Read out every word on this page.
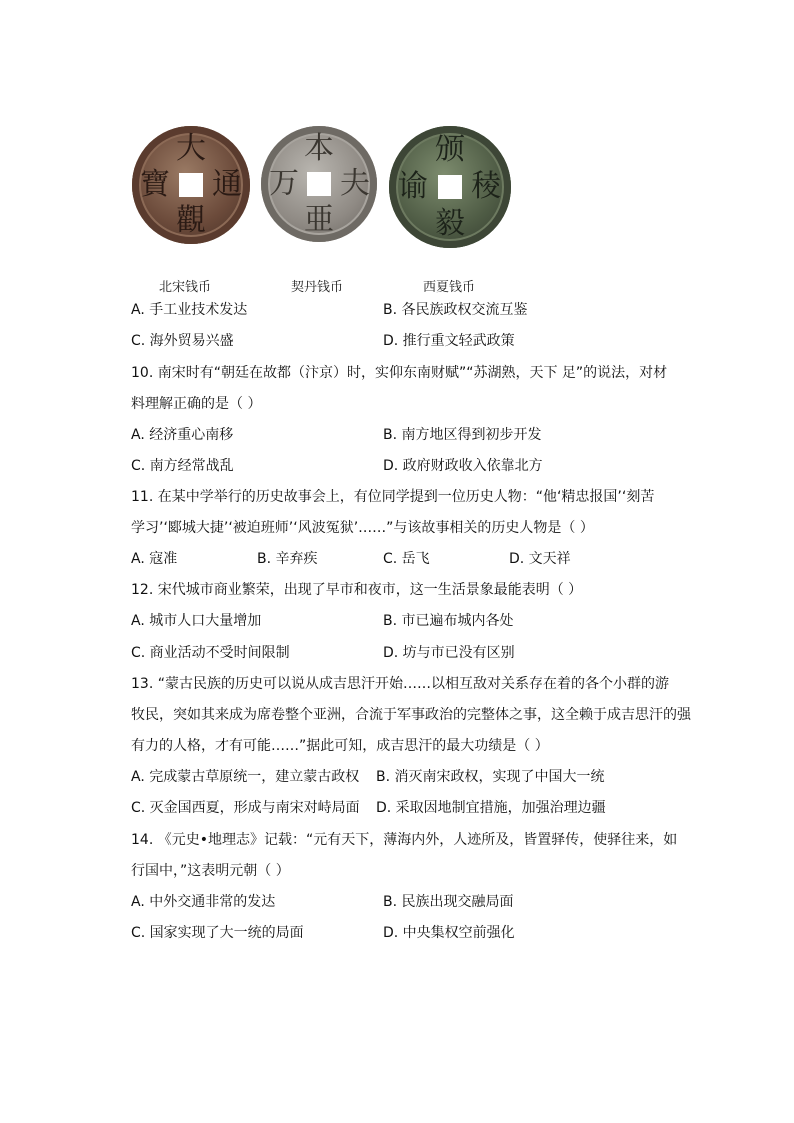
大
通
觀
寶
本
夫
亜
万
颁
稜
毅
谕
北宋钱币	契丹钱币	西夏钱币
A. 手工业技术发达	B. 各民族政权交流互鉴
C. 海外贸易兴盛	D. 推行重文轻武政策
10. 南宋时有“朝廷在故都（汴京）时，实仰东南财赋”“苏湖熟，天下 足”的说法，对材
料理解正确的是（ ）
A. 经济重心南移	B. 南方地区得到初步开发
C. 南方经常战乱	D. 政府财政收入依靠北方
11. 在某中学举行的历史故事会上，有位同学提到一位历史人物：“他‘精忠报国’‘刻苦
学习’‘郾城大捷’‘被迫班师’‘风波冤狱’……”与该故事相关的历史人物是（ ）
A. 寇准	B. 辛弃疾	C. 岳飞	D. 文天祥
12. 宋代城市商业繁荣，出现了早市和夜市，这一生活景象最能表明（ ）
A. 城市人口大量增加	B. 市已遍布城内各处
C. 商业活动不受时间限制	D. 坊与市已没有区别
13. “蒙古民族的历史可以说从成吉思汗开始……以相互敌对关系存在着的各个小群的游
牧民，突如其来成为席卷整个亚洲，合流于军事政治的完整体之事，这全赖于成吉思汗的强
有力的人格，才有可能……”据此可知，成吉思汗的最大功绩是（ ）
A. 完成蒙古草原统一，建立蒙古政权 B. 消灭南宋政权，实现了中国大一统
C. 灭金国西夏，形成与南宋对峙局面 D. 采取因地制宜措施，加强治理边疆
14. 《元史•地理志》记载：“元有天下，薄海内外，人迹所及，皆置驿传，使驿往来，如
行国中，”这表明元朝（ ）
A. 中外交通非常的发达	B. 民族出现交融局面
C. 国家实现了大一统的局面	D. 中央集权空前强化
